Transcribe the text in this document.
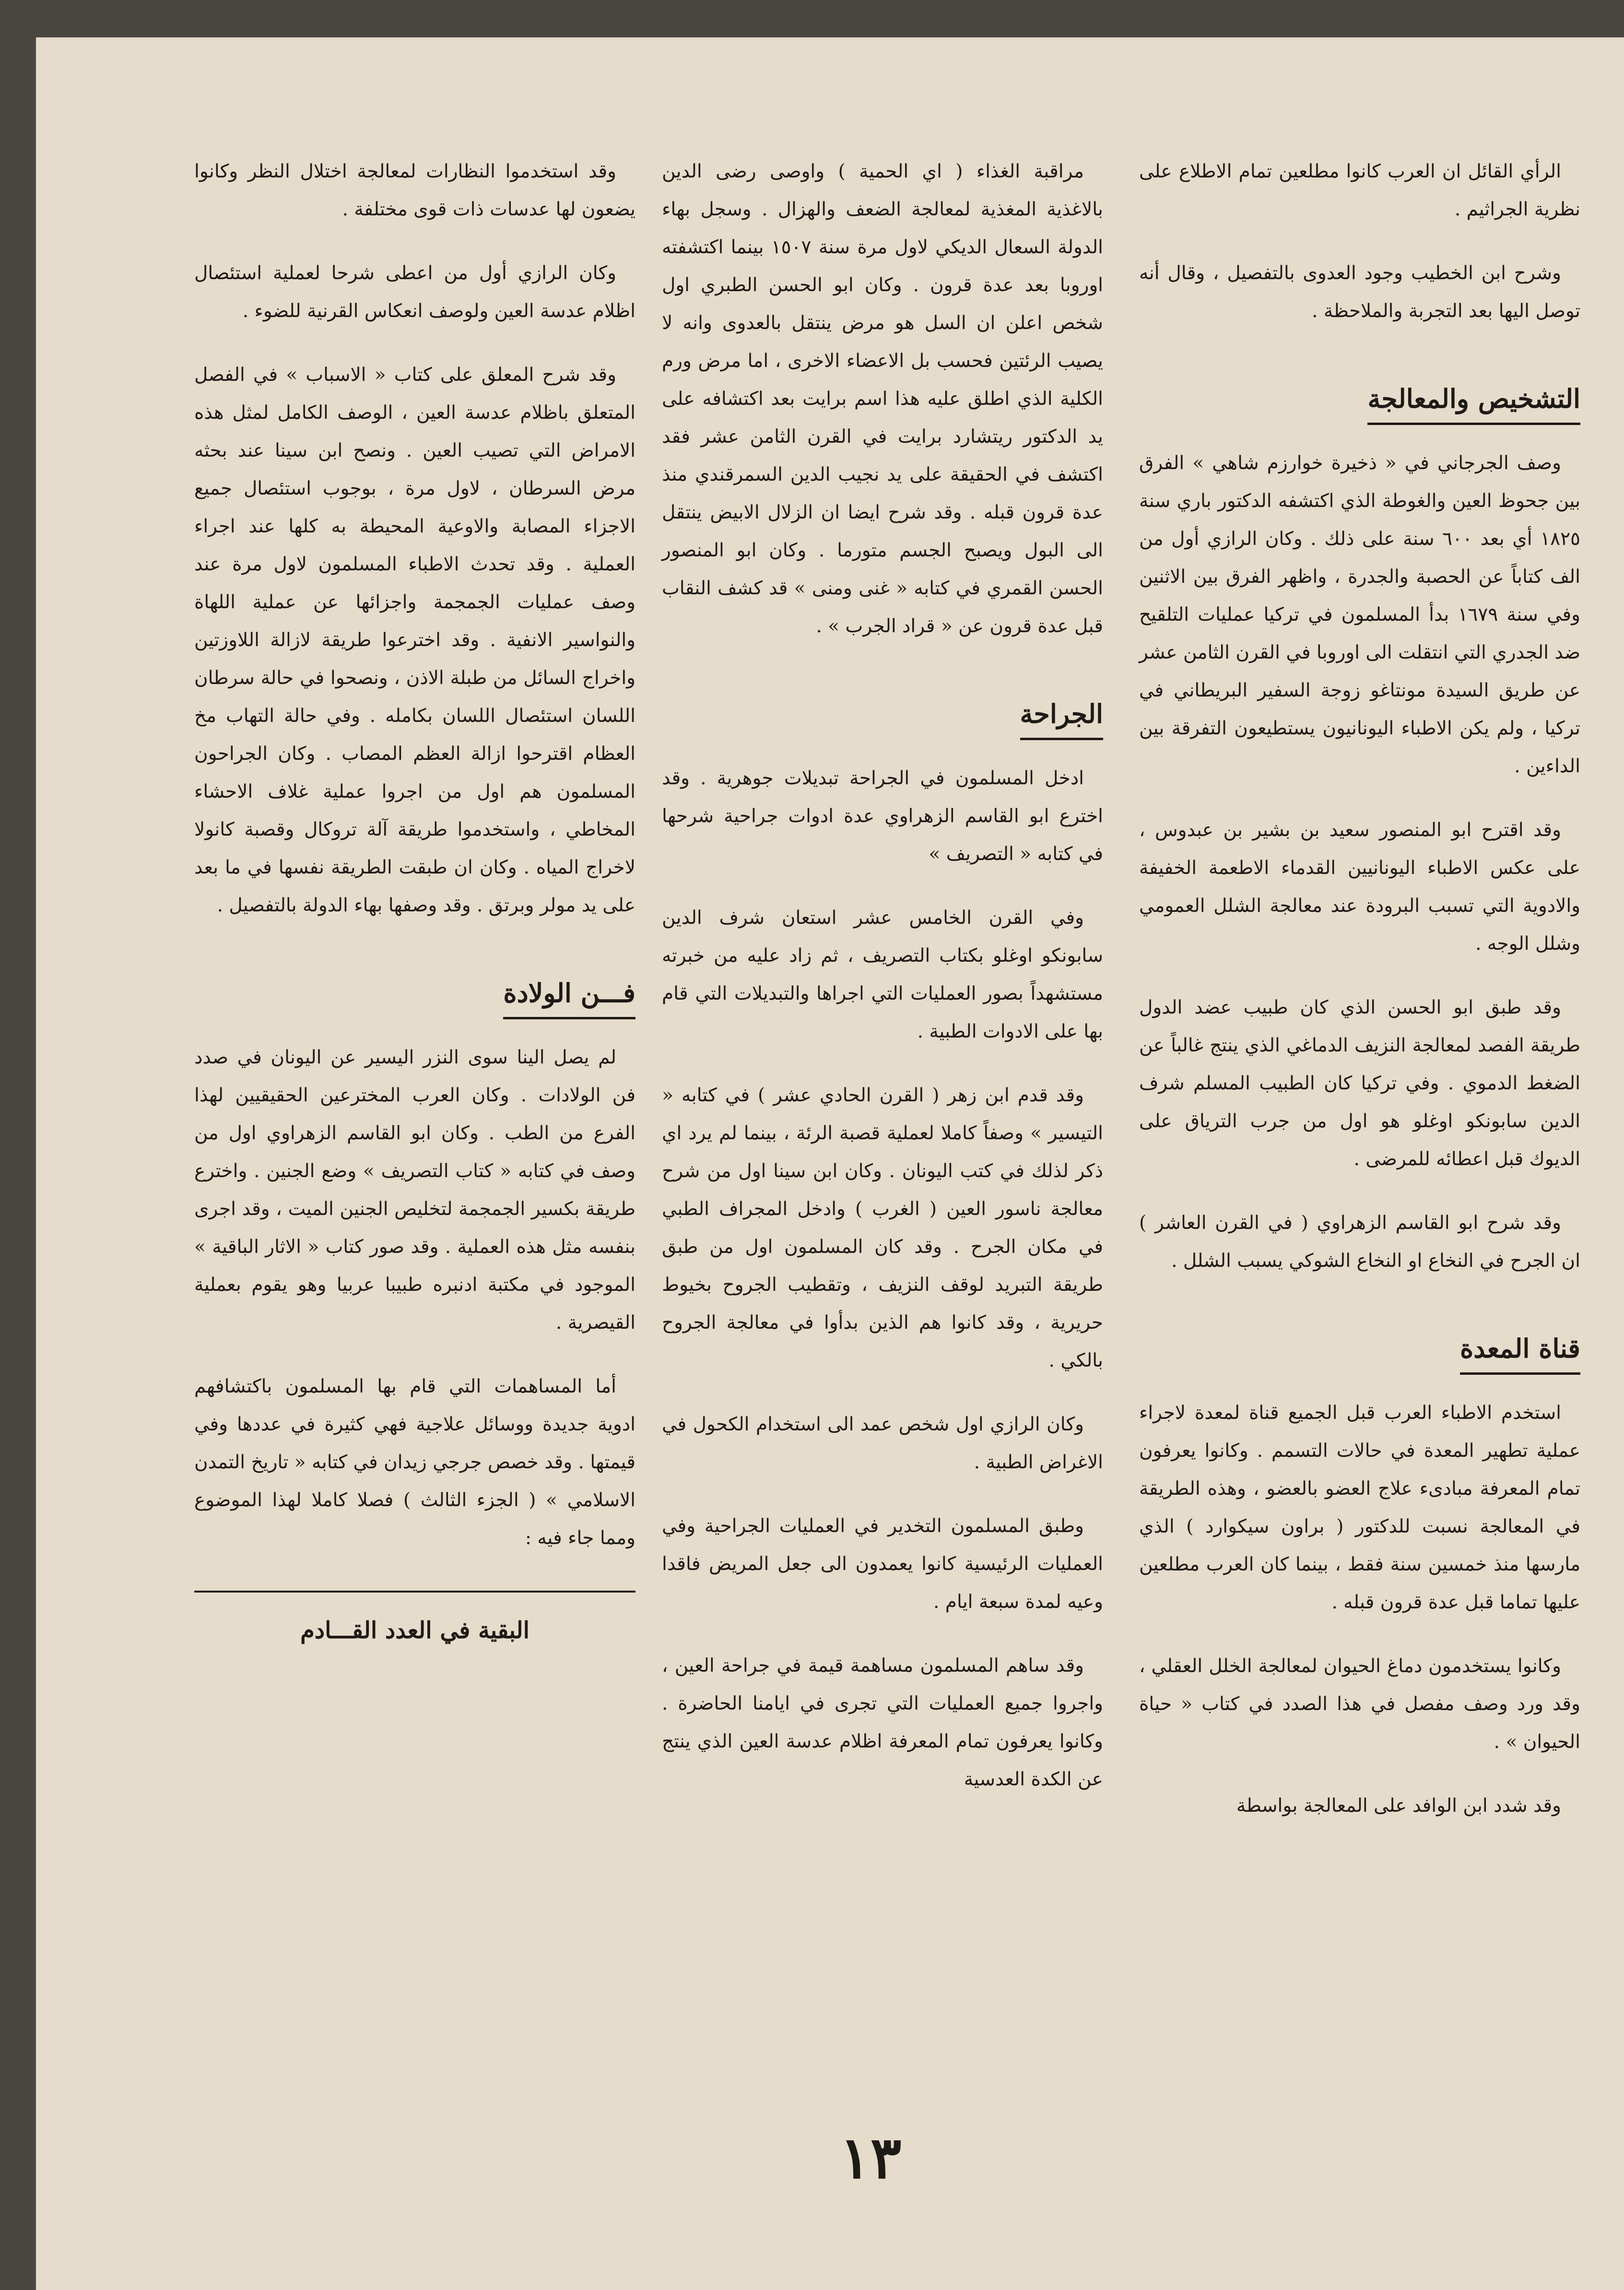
الرأي القائل ان العرب كانوا مطلعين تمام الاطلاع على نظرية الجراثيم .

وشرح ابن الخطيب وجود العدوى بالتفصيل ، وقال أنه توصل اليها بعد التجربة والملاحظة .

التشخيص والمعالجة

وصف الجرجاني في « ذخيرة خوارزم شاهي » الفرق بين جحوظ العين والغوطة الذي اكتشفه الدكتور باري سنة ١٨٢٥ أي بعد ٦٠٠ سنة على ذلك . وكان الرازي أول من الف كتاباً عن الحصبة والجدرة ، واظهر الفرق بين الاثنين وفي سنة ١٦٧٩ بدأ المسلمون في تركيا عمليات التلقيح ضد الجدري التي انتقلت الى اوروبا في القرن الثامن عشر عن طريق السيدة مونتاغو زوجة السفير البريطاني في تركيا ، ولم يكن الاطباء اليونانيون يستطيعون التفرقة بين الداءين .

وقد اقترح ابو المنصور سعيد بن بشير بن عبدوس ، على عكس الاطباء اليونانيين القدماء الاطعمة الخفيفة والادوية التي تسبب البرودة عند معالجة الشلل العمومي وشلل الوجه .

وقد طبق ابو الحسن الذي كان طبيب عضد الدول طريقة الفصد لمعالجة النزيف الدماغي الذي ينتج غالباً عن الضغط الدموي . وفي تركيا كان الطبيب المسلم شرف الدين سابونكو اوغلو هو اول من جرب الترياق على الديوك قبل اعطائه للمرضى .

وقد شرح ابو القاسم الزهراوي ( في القرن العاشر ) ان الجرح في النخاع او النخاع الشوكي يسبب الشلل .

قناة المعدة

استخدم الاطباء العرب قبل الجميع قناة لمعدة لاجراء عملية تطهير المعدة في حالات التسمم . وكانوا يعرفون تمام المعرفة مبادىء علاج العضو بالعضو ، وهذه الطريقة في المعالجة نسبت للدكتور ( براون سيكوارد ) الذي مارسها منذ خمسين سنة فقط ، بينما كان العرب مطلعين عليها تماما قبل عدة قرون قبله .

وكانوا يستخدمون دماغ الحيوان لمعالجة الخلل العقلي ، وقد ورد وصف مفصل في هذا الصدد في كتاب « حياة الحيوان » .

وقد شدد ابن الوافد على المعالجة بواسطة

مراقبة الغذاء ( اي الحمية ) واوصى رضى الدين بالاغذية المغذية لمعالجة الضعف والهزال . وسجل بهاء الدولة السعال الديكي لاول مرة سنة ١٥٠٧ بينما اكتشفته اوروبا بعد عدة قرون . وكان ابو الحسن الطبري اول شخص اعلن ان السل هو مرض ينتقل بالعدوى وانه لا يصيب الرئتين فحسب بل الاعضاء الاخرى ، اما مرض ورم الكلية الذي اطلق عليه هذا اسم برايت بعد اكتشافه على يد الدكتور ريتشارد برايت في القرن الثامن عشر فقد اكتشف في الحقيقة على يد نجيب الدين السمرقندي منذ عدة قرون قبله . وقد شرح ايضا ان الزلال الابيض ينتقل الى البول ويصبح الجسم متورما . وكان ابو المنصور الحسن القمري في كتابه « غنى ومنى » قد كشف النقاب قبل عدة قرون عن « قراد الجرب » .

الجراحة

ادخل المسلمون في الجراحة تبديلات جوهرية . وقد اخترع ابو القاسم الزهراوي عدة ادوات جراحية شرحها في كتابه « التصريف »

وفي القرن الخامس عشر استعان شرف الدين سابونكو اوغلو بكتاب التصريف ، ثم زاد عليه من خبرته مستشهداً بصور العمليات التي اجراها والتبديلات التي قام بها على الادوات الطبية .

وقد قدم ابن زهر ( القرن الحادي عشر ) في كتابه « التيسير » وصفاً كاملا لعملية قصبة الرئة ، بينما لم يرد اي ذكر لذلك في كتب اليونان . وكان ابن سينا اول من شرح معالجة ناسور العين ( الغرب ) وادخل المجراف الطبي في مكان الجرح . وقد كان المسلمون اول من طبق طريقة التبريد لوقف النزيف ، وتقطيب الجروح بخيوط حريرية ، وقد كانوا هم الذين بدأوا في معالجة الجروح بالكي .

وكان الرازي اول شخص عمد الى استخدام الكحول في الاغراض الطبية .

وطبق المسلمون التخدير في العمليات الجراحية وفي العمليات الرئيسية كانوا يعمدون الى جعل المريض فاقدا وعيه لمدة سبعة ايام .

وقد ساهم المسلمون مساهمة قيمة في جراحة العين ، واجروا جميع العمليات التي تجرى في ايامنا الحاضرة . وكانوا يعرفون تمام المعرفة اظلام عدسة العين الذي ينتج عن الكدة العدسية

وقد استخدموا النظارات لمعالجة اختلال النظر وكانوا يضعون لها عدسات ذات قوى مختلفة .

وكان الرازي أول من اعطى شرحا لعملية استئصال اظلام عدسة العين ولوصف انعكاس القرنية للضوء .

وقد شرح المعلق على كتاب « الاسباب » في الفصل المتعلق باظلام عدسة العين ، الوصف الكامل لمثل هذه الامراض التي تصيب العين . ونصح ابن سينا عند بحثه مرض السرطان ، لاول مرة ، بوجوب استئصال جميع الاجزاء المصابة والاوعية المحيطة به كلها عند اجراء العملية . وقد تحدث الاطباء المسلمون لاول مرة عند وصف عمليات الجمجمة واجزائها عن عملية اللهاة والنواسير الانفية . وقد اخترعوا طريقة لازالة اللاوزتين واخراج السائل من طبلة الاذن ، ونصحوا في حالة سرطان اللسان استئصال اللسان بكامله . وفي حالة التهاب مخ العظام اقترحوا ازالة العظم المصاب . وكان الجراحون المسلمون هم اول من اجروا عملية غلاف الاحشاء المخاطي ، واستخدموا طريقة آلة تروكال وقصبة كانولا لاخراج المياه . وكان ان طبقت الطريقة نفسها في ما بعد على يد مولر وبرتق . وقد وصفها بهاء الدولة بالتفصيل .

فـــن الولادة

لم يصل الينا سوى النزر اليسير عن اليونان في صدد فن الولادات . وكان العرب المخترعين الحقيقيين لهذا الفرع من الطب . وكان ابو القاسم الزهراوي اول من وصف في كتابه « كتاب التصريف » وضع الجنين . واخترع طريقة بكسير الجمجمة لتخليص الجنين الميت ، وقد اجرى بنفسه مثل هذه العملية . وقد صور كتاب « الاثار الباقية » الموجود في مكتبة ادنبره طبيبا عربيا وهو يقوم بعملية القيصرية .

أما المساهمات التي قام بها المسلمون باكتشافهم ادوية جديدة ووسائل علاجية فهي كثيرة في عددها وفي قيمتها . وقد خصص جرجي زيدان في كتابه « تاريخ التمدن الاسلامي » ( الجزء الثالث ) فصلا كاملا لهذا الموضوع ومما جاء فيه :

البقية في العدد القـــادم
١٣
